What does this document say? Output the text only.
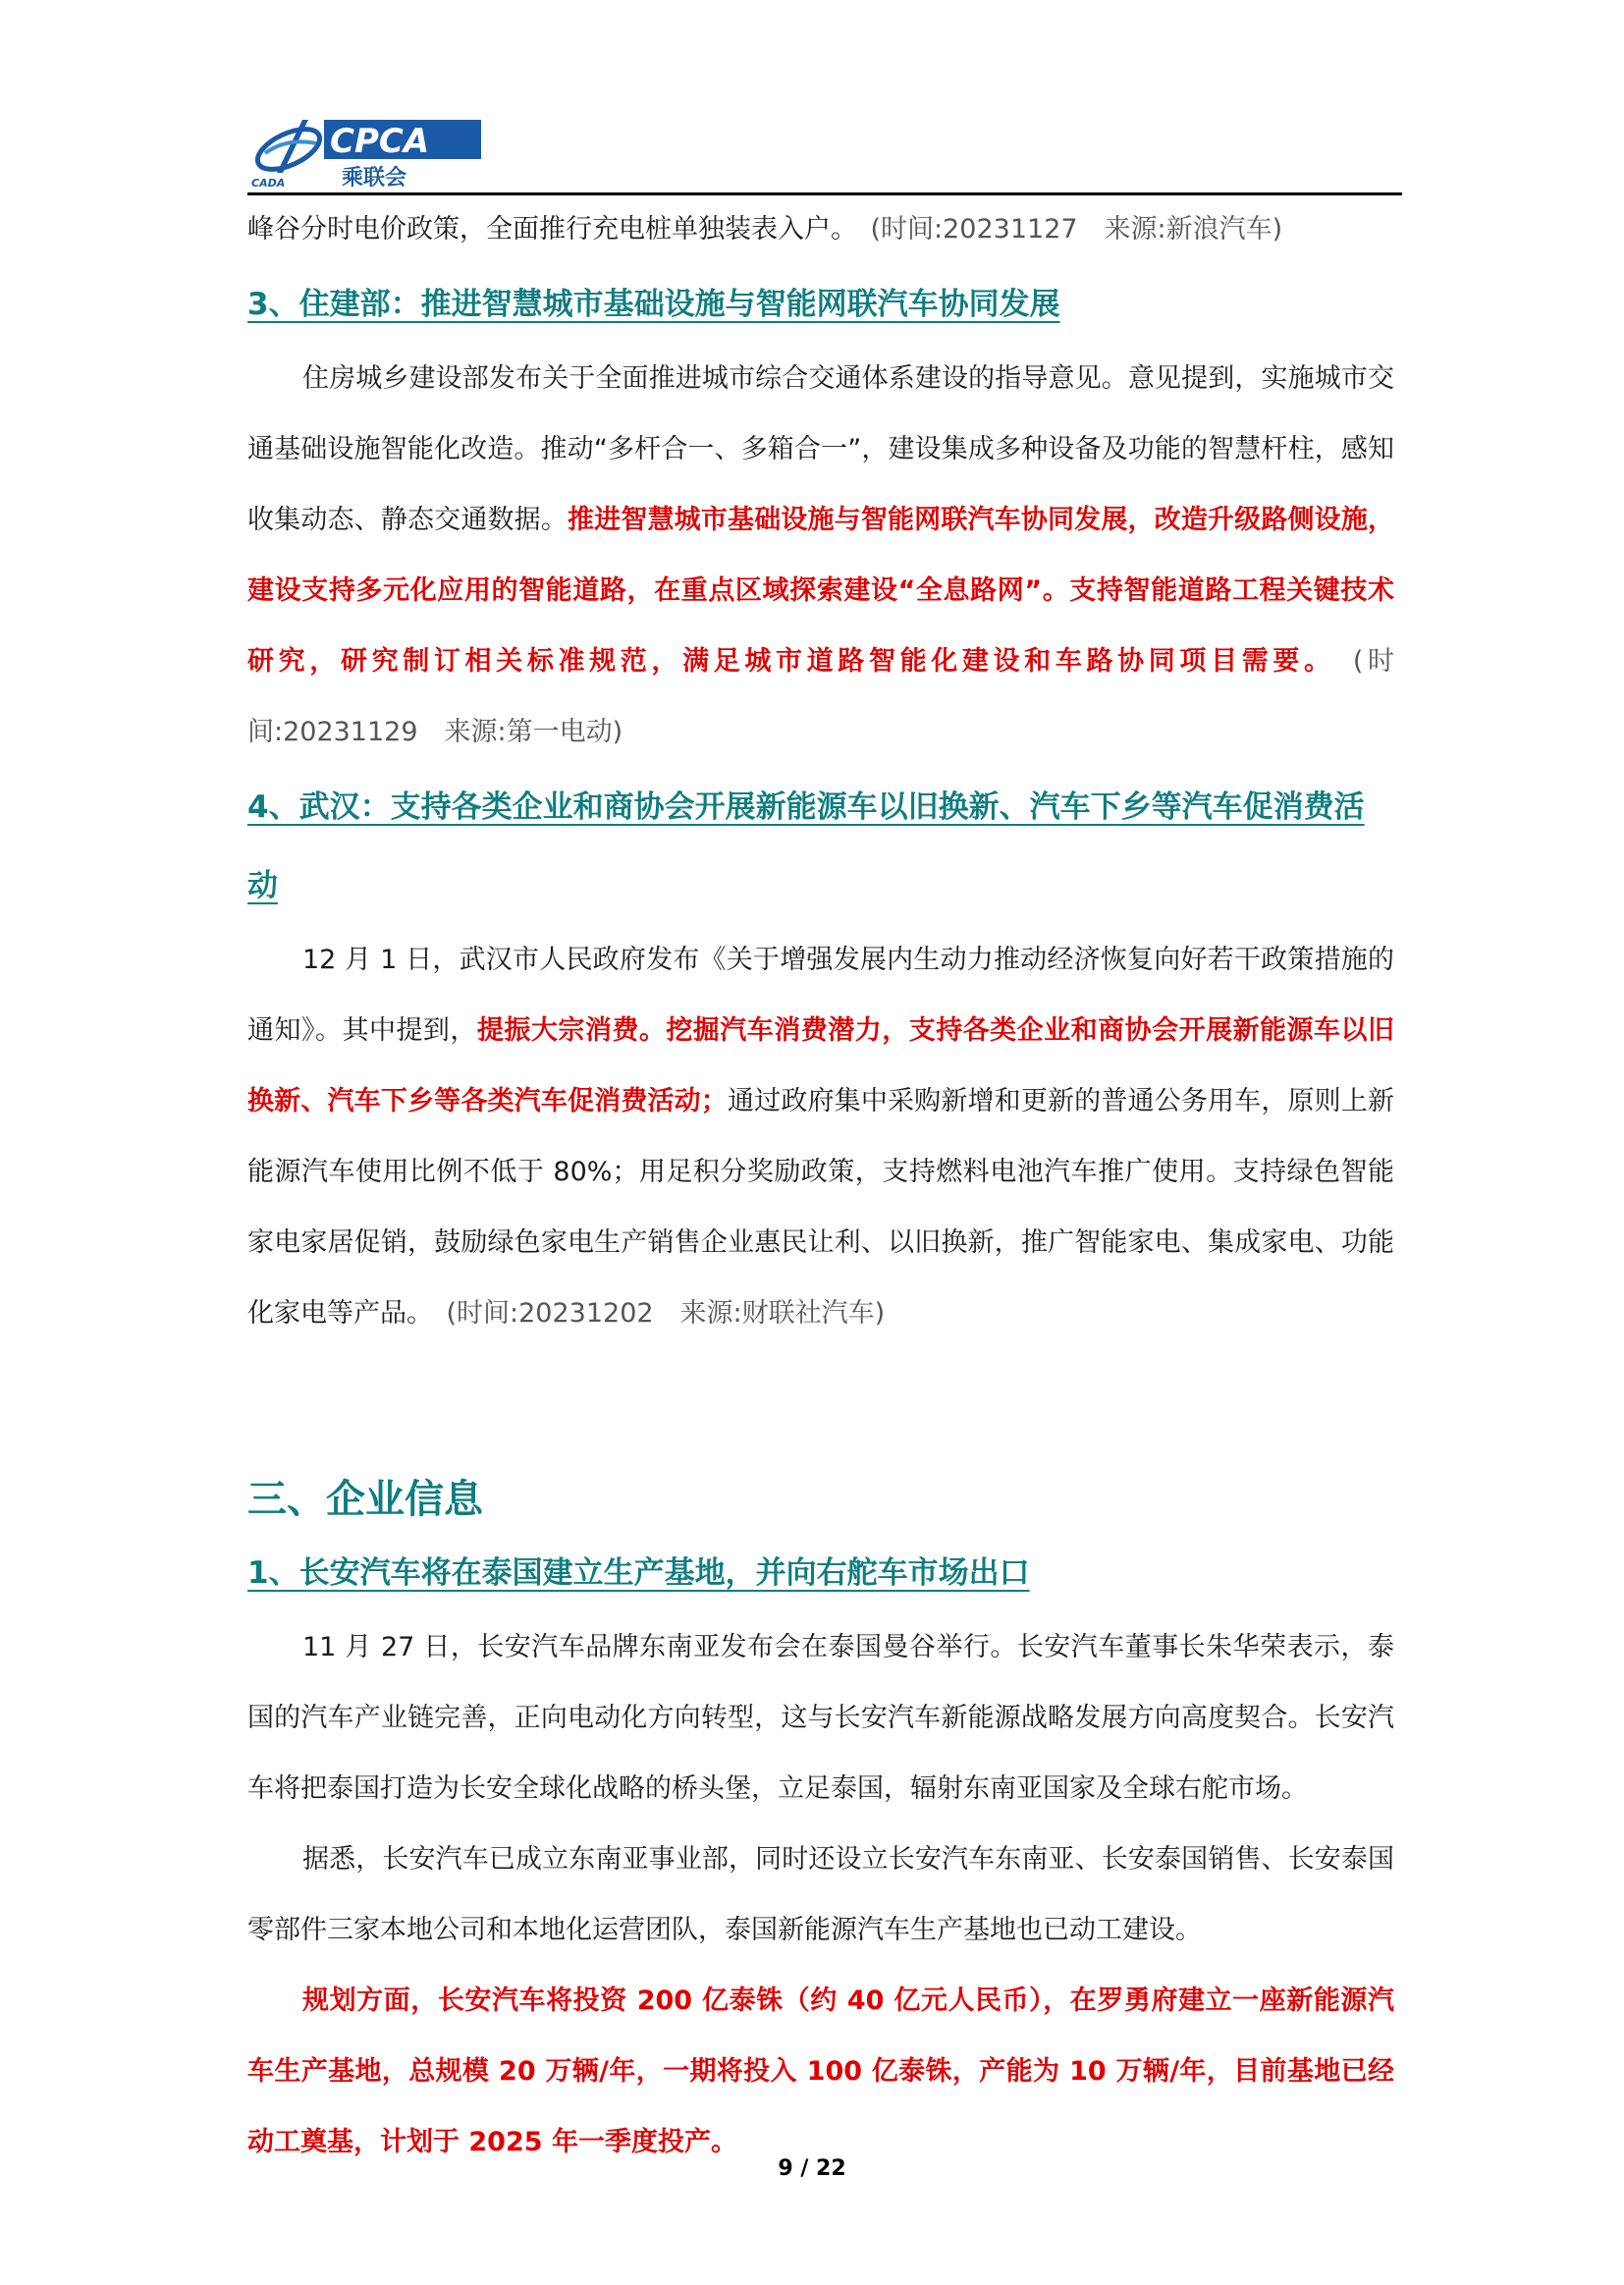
CADA
CPCA
乘联会

峰谷分时电价政策，全面推行充电桩单独装表入户。　 (时间:20231127　来源:新浪汽车)

3、住建部：推进智慧城市基础设施与智能网联汽车协同发展

住房城乡建设部发布关于全面推进城市综合交通体系建设的指导意见。意见提到，实施城市交通基础设施智能化改造。推动“多杆合一、多箱合一”，建设集成多种设备及功能的智慧杆柱，感知收集动态、静态交通数据。推进智慧城市基础设施与智能网联汽车协同发展，改造升级路侧设施，建设支持多元化应用的智能道路，在重点区域探索建设“全息路网”。支持智能道路工程关键技术研究，研究制订相关标准规范，满足城市道路智能化建设和车路协同项目需要。　 (时间:20231129　来源:第一电动)

4、武汉：支持各类企业和商协会开展新能源车以旧换新、汽车下乡等汽车促消费活动

12 月 1 日，武汉市人民政府发布《关于增强发展内生动力推动经济恢复向好若干政策措施的通知》。其中提到，提振大宗消费。挖掘汽车消费潜力，支持各类企业和商协会开展新能源车以旧换新、汽车下乡等各类汽车促消费活动；通过政府集中采购新增和更新的普通公务用车，原则上新能源汽车使用比例不低于 80%；用足积分奖励政策，支持燃料电池汽车推广使用。支持绿色智能家电家居促销，鼓励绿色家电生产销售企业惠民让利、以旧换新，推广智能家电、集成家电、功能化家电等产品。　 (时间:20231202　来源:财联社汽车)

三、企业信息
1、长安汽车将在泰国建立生产基地，并向右舵车市场出口

11 月 27 日，长安汽车品牌东南亚发布会在泰国曼谷举行。长安汽车董事长朱华荣表示，泰国的汽车产业链完善，正向电动化方向转型，这与长安汽车新能源战略发展方向高度契合。长安汽车将把泰国打造为长安全球化战略的桥头堡，立足泰国，辐射东南亚国家及全球右舵市场。

据悉，长安汽车已成立东南亚事业部，同时还设立长安汽车东南亚、长安泰国销售、长安泰国零部件三家本地公司和本地化运营团队，泰国新能源汽车生产基地也已动工建设。

规划方面，长安汽车将投资 200 亿泰铢（约 40 亿元人民币），在罗勇府建立一座新能源汽车生产基地，总规模 20 万辆/年，一期将投入 100 亿泰铢，产能为 10 万辆/年，目前基地已经动工奠基，计划于 2025 年一季度投产。

9 / 22
